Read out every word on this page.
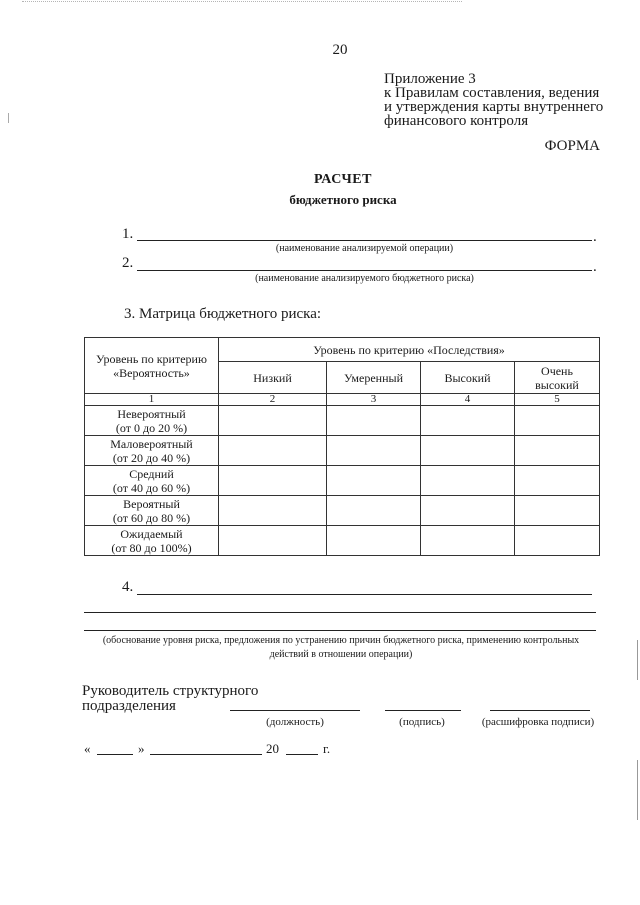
20
Приложение 3
к Правилам составления, ведения
и утверждения карты внутреннего
финансового контроля
ФОРМА
РАСЧЕТ
бюджетного риска
1.	.
(наименование анализируемой операции)
2.	.
(наименование анализируемого бюджетного риска)
3. Матрица бюджетного риска:
Уровень по критерию
«Вероятность»	Уровень по критерию «Последствия»			
	Низкий	Умеренный	Высокий	Очень высокий
1	2	3	4	5

Невероятный
(от 0 до 20 %)				

Маловероятный
(от 20 до 40 %)				

Средний
(от 40 до 60 %)				

Вероятный
(от 60 до 80 %)				

Ожидаемый
(от 80 до 100%)				

4.
(обоснование уровня риска, предложения по устранению причин бюджетного риска, применению контрольных
действий в отношении операции)
Руководитель структурного
подразделения
(должность)	(подпись)	(расшифровка подписи)
«	»	20	г.
